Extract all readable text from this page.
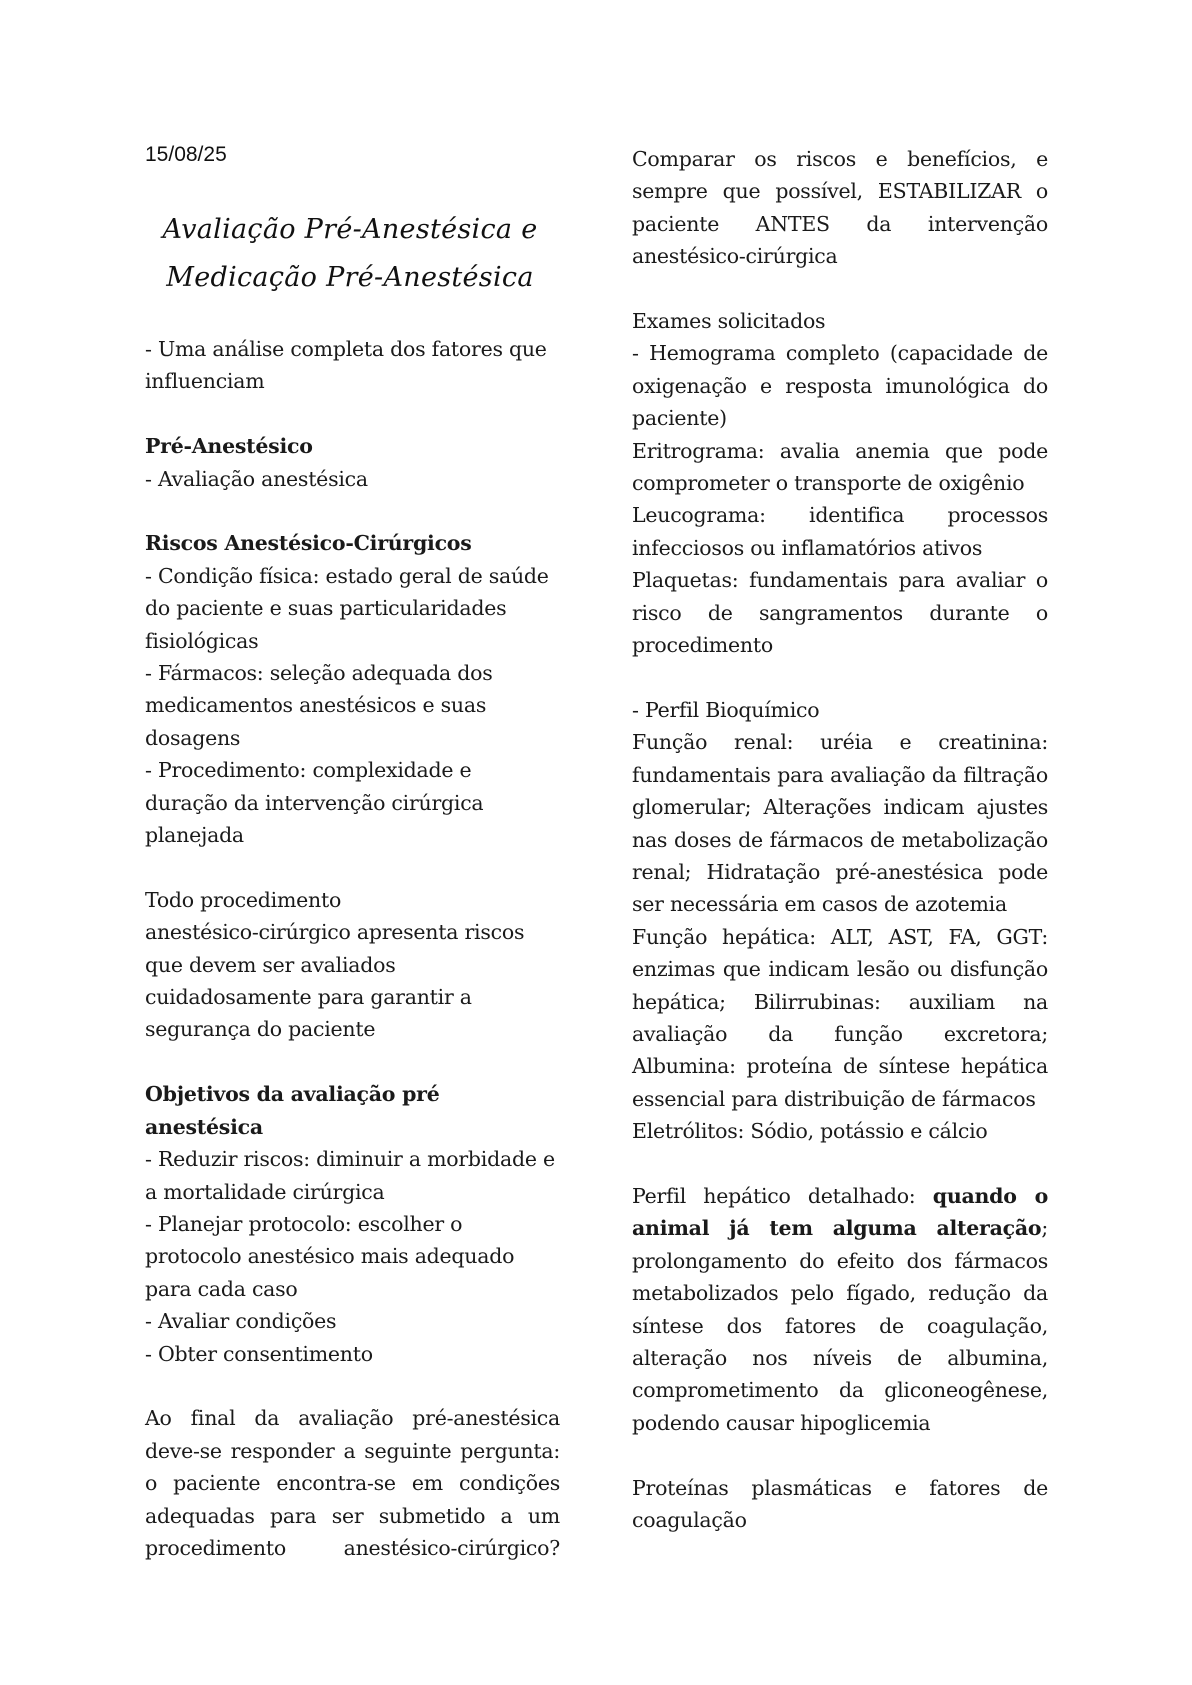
15/08/25
Avaliação Pré-Anestésica e
Medicação Pré-Anestésica

- Uma análise completa dos fatores que

influenciam

Pré-Anestésico

- Avaliação anestésica

Riscos Anestésico-Cirúrgicos

- Condição física: estado geral de saúde

do paciente e suas particularidades

fisiológicas

- Fármacos: seleção adequada dos

medicamentos anestésicos e suas

dosagens

- Procedimento: complexidade e

duração da intervenção cirúrgica

planejada

Todo procedimento

anestésico-cirúrgico apresenta riscos

que devem ser avaliados

cuidadosamente para garantir a

segurança do paciente

Objetivos da avaliação pré anestésica

- Reduzir riscos: diminuir a morbidade e

a mortalidade cirúrgica

- Planejar protocolo: escolher o

protocolo anestésico mais adequado

para cada caso

- Avaliar condições

- Obter consentimento

Ao final da avaliação pré-anestésica

deve-se responder a seguinte pergunta:

o paciente encontra-se em condições

adequadas para ser submetido a um

procedimento anestésico-cirúrgico?

Comparar os riscos e benefícios, e

sempre que possível, ESTABILIZAR o

paciente ANTES da intervenção

anestésico-cirúrgica

Exames solicitados

- Hemograma completo (capacidade de

oxigenação e resposta imunológica do

paciente)

Eritrograma: avalia anemia que pode

comprometer o transporte de oxigênio

Leucograma: identifica processos

infecciosos ou inflamatórios ativos

Plaquetas: fundamentais para avaliar o

risco de sangramentos durante o

procedimento

- Perfil Bioquímico

Função renal: uréia e creatinina:

fundamentais para avaliação da filtração

glomerular; Alterações indicam ajustes

nas doses de fármacos de metabolização

renal; Hidratação pré-anestésica pode

ser necessária em casos de azotemia

Função hepática: ALT, AST, FA, GGT:

enzimas que indicam lesão ou disfunção

hepática; Bilirrubinas: auxiliam na

avaliação da função excretora;

Albumina: proteína de síntese hepática

essencial para distribuição de fármacos

Eletrólitos: Sódio, potássio e cálcio

Perfil hepático detalhado: quando o

animal já tem alguma alteração;

prolongamento do efeito dos fármacos

metabolizados pelo fígado, redução da

síntese dos fatores de coagulação,

alteração nos níveis de albumina,

comprometimento da gliconeogênese,

podendo causar hipoglicemia

Proteínas plasmáticas e fatores de

coagulação
